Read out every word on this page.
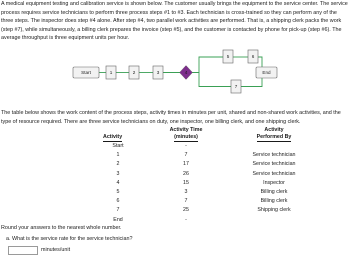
A medical equipment testing and calibration service is shown below. The customer usually brings the equipment to the service center. The service process requires service technicians to perform three process steps #1 to #3. Each technician is cross-trained so they can perform any of the three steps. The inspector does step #4 alone. After step #4, two parallel work activities are performed. That is, a shipping clerk packs the work (step #7), while simultaneously, a billing clerk prepares the invoice (step #5), and the customer is contacted by phone for pick-up (step #6). The average throughput is three equipment units per hour.

Start	1	2	3	4
5	6
7
End

The table below shows the work content of the process steps, activity times in minutes per unit, shared and non-shared work activities, and the type of resource required. There are three service technicians on duty, one inspector, one billing clerk, and one shipping clerk.

	Activity Time	Activity
Activity	(minutes)	Performed By
Start	-	
1	7	Service technician
2	17	Service technician
3	26	Service technician
4	15	Inspector
5	3	Billing clerk
6	7	Billing clerk
7	25	Shipping clerk
End	-	
Round your answers to the nearest whole number.
a. What is the service rate for the service technician?
minutes/unit
